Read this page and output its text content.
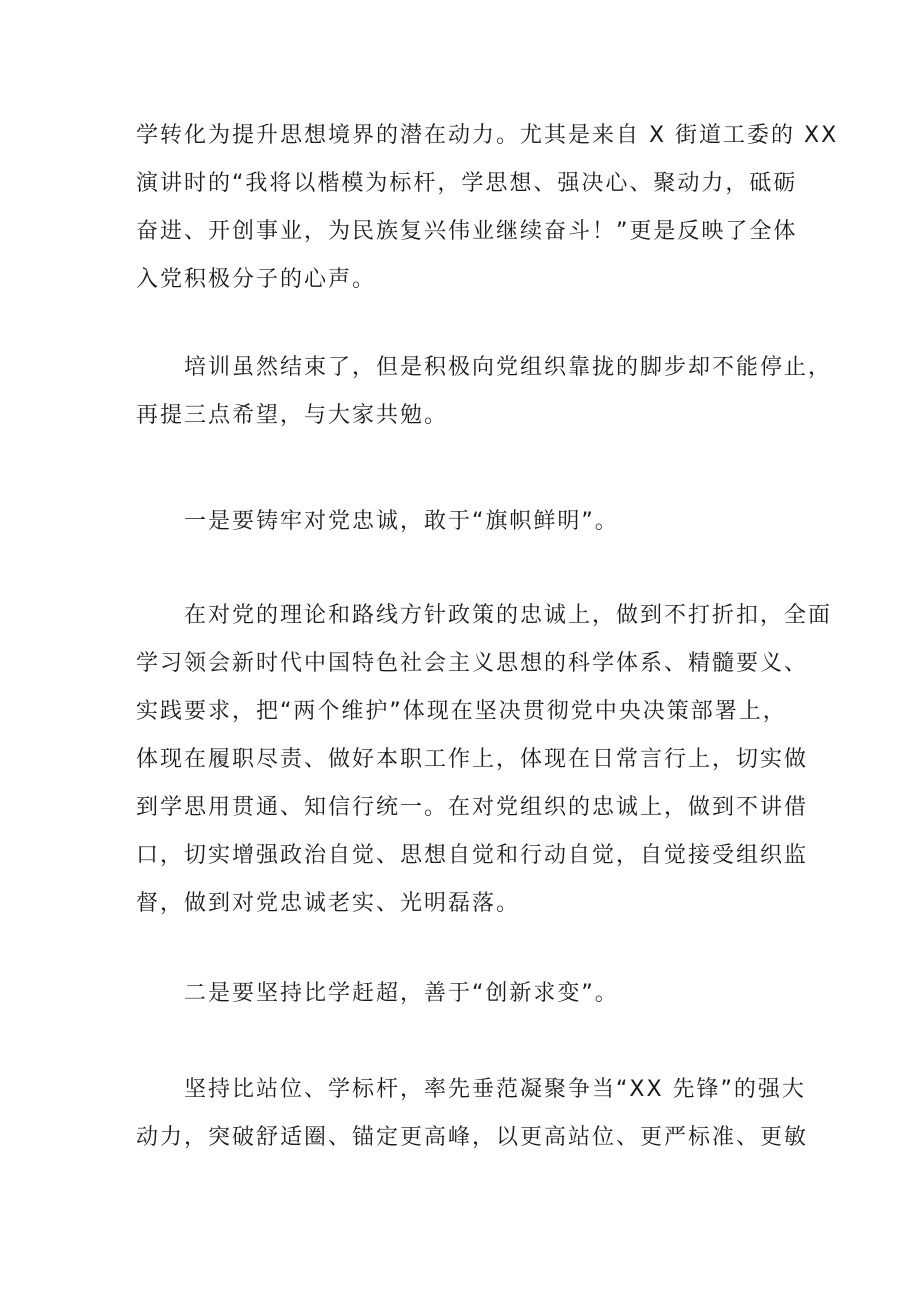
学转化为提升思想境界的潜在动力。尤其是来自 X 街道工委的 XX
演讲时的“我将以楷模为标杆，学思想、强决心、聚动力，砥砺
奋进、开创事业，为民族复兴伟业继续奋斗！”更是反映了全体
入党积极分子的心声。
培训虽然结束了，但是积极向党组织靠拢的脚步却不能停止，
再提三点希望，与大家共勉。
一是要铸牢对党忠诚，敢于“旗帜鲜明”。
在对党的理论和路线方针政策的忠诚上，做到不打折扣，全面
学习领会新时代中国特色社会主义思想的科学体系、精髓要义、
实践要求，把“两个维护”体现在坚决贯彻党中央决策部署上，
体现在履职尽责、做好本职工作上，体现在日常言行上，切实做
到学思用贯通、知信行统一。在对党组织的忠诚上，做到不讲借
口，切实增强政治自觉、思想自觉和行动自觉，自觉接受组织监
督，做到对党忠诚老实、光明磊落。
二是要坚持比学赶超，善于“创新求变”。
坚持比站位、学标杆，率先垂范凝聚争当“XX 先锋”的强大
动力，突破舒适圈、锚定更高峰，以更高站位、更严标准、更敏
